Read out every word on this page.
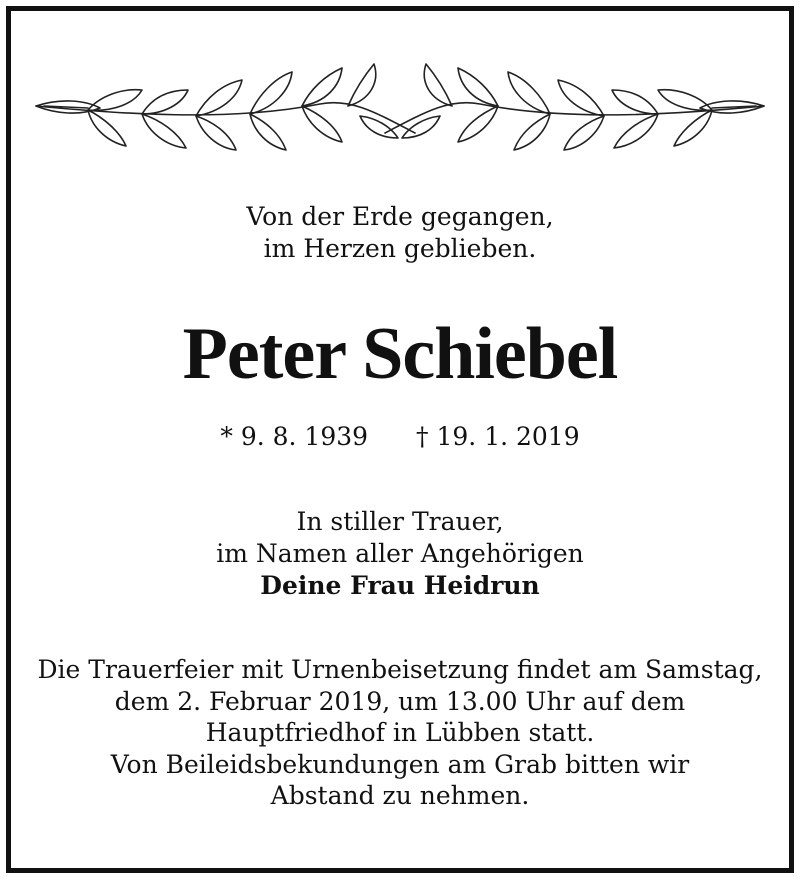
Von der Erde gegangen,
im Herzen geblieben.
Peter Schiebel
* 9. 8. 1939 † 19. 1. 2019
In stiller Trauer,
im Namen aller Angehörigen
Deine Frau Heidrun
Die Trauerfeier mit Urnenbeisetzung findet am Samstag,
dem 2. Februar 2019, um 13.00 Uhr auf dem
Hauptfriedhof in Lübben statt.
Von Beileidsbekundungen am Grab bitten wir
Abstand zu nehmen.
